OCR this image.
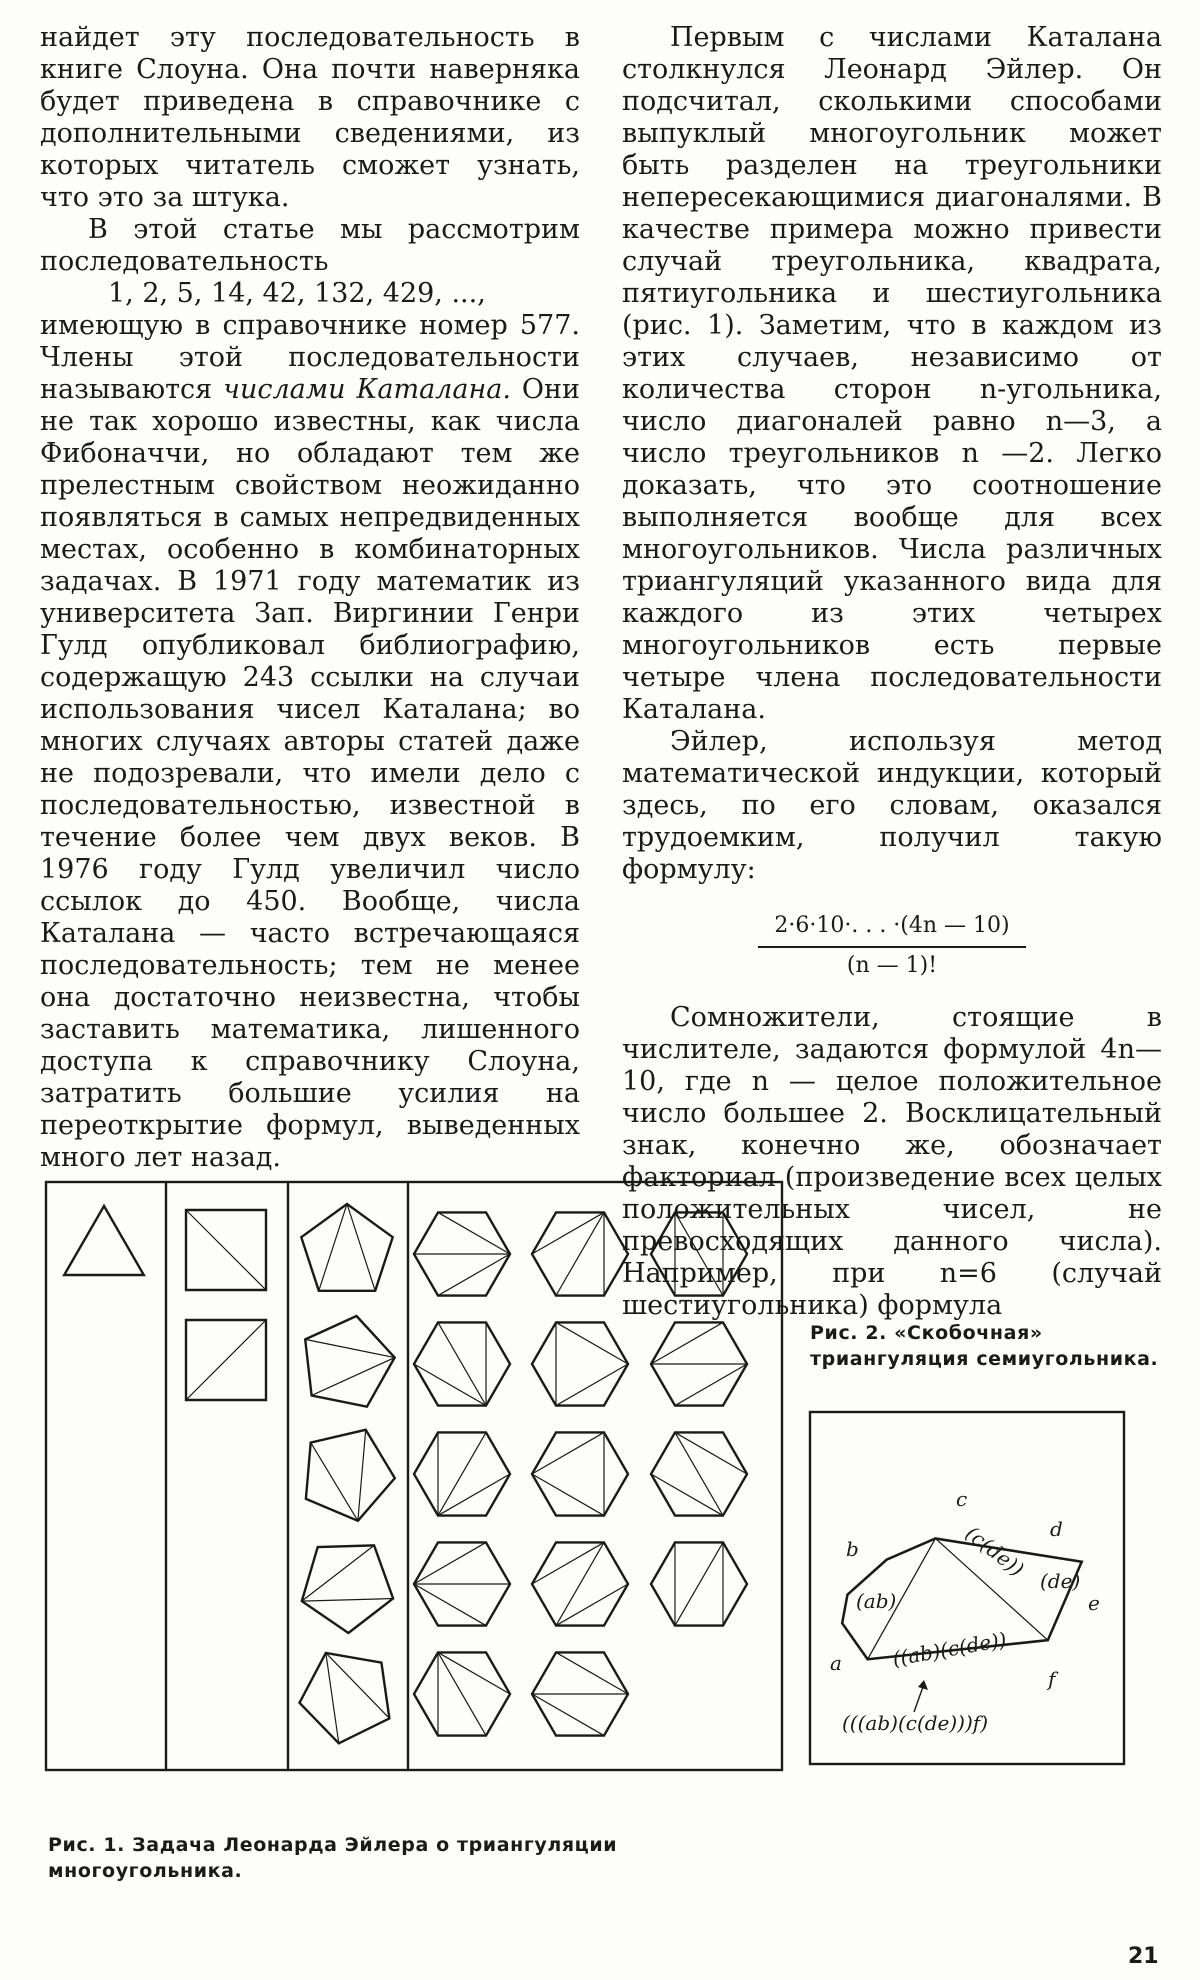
найдет эту последовательность в книге Слоуна. Она почти наверняка будет приведена в справочнике с дополнительными сведениями, из которых читатель сможет узнать, что это за штука.

В этой статье мы рассмотрим последовательность

1, 2, 5, 14, 42, 132, 429, ...,

имеющую в справочнике номер 577. Члены этой последовательности называются числами Каталана. Они не так хорошо известны, как числа Фибоначчи, но обладают тем же прелестным свойством неожиданно появляться в самых непредвиденных местах, особенно в комбинаторных задачах. В 1971 году математик из университета Зап. Виргинии Генри Гулд опубликовал библиографию, содержащую 243 ссылки на случаи использования чисел Каталана; во многих случаях авторы статей даже не подозревали, что имели дело с последовательностью, известной в течение более чем двух веков. В 1976 году Гулд увеличил число ссылок до 450. Вообще, числа Каталана — часто встречающаяся последовательность; тем не менее она достаточно неизвестна, чтобы заставить математика, лишенного доступа к справочнику Слоуна, затратить большие усилия на переоткрытие формул, выведенных много лет назад.

Первым с числами Каталана столкнулся Леонард Эйлер. Он подсчитал, сколькими способами выпуклый многоугольник может быть разделен на треугольники непересекающимися диагоналями. В качестве примера можно привести случай треугольника, квадрата, пятиугольника и шестиугольника (рис. 1). Заметим, что в каждом из этих случаев, независимо от количества сторон n-угольника, число диагоналей равно n—3, а число треугольников n —2. Легко доказать, что это соотношение выполняется вообще для всех многоугольников. Числа различных триангуляций указанного вида для каждого из этих четырех многоугольников есть первые четыре члена последовательности Каталана.

Эйлер, используя метод математической индукции, который здесь, по его словам, оказался трудоемким, получил такую формулу:

2·6·10·. . . ·(4n — 10)
(n — 1)!

Сомножители, стоящие в числителе, задаются формулой 4n—10, где n — целое положительное число большее 2. Восклицательный знак, конечно же, обозначает факториал (произведение всех целых положительных чисел, не превосходящих данного числа). Например, при n=6 (случай шестиугольника) формула

a
b
c
d
e
f
(ab)
(de)
(c(de))
((ab)(c(de))
(((ab)(c(de)))f)
Рис. 1. Задача Леонарда Эйлера о триангуляции многоугольника.
Рис. 2. «Скобочная» триангуляция семиугольника.
21
